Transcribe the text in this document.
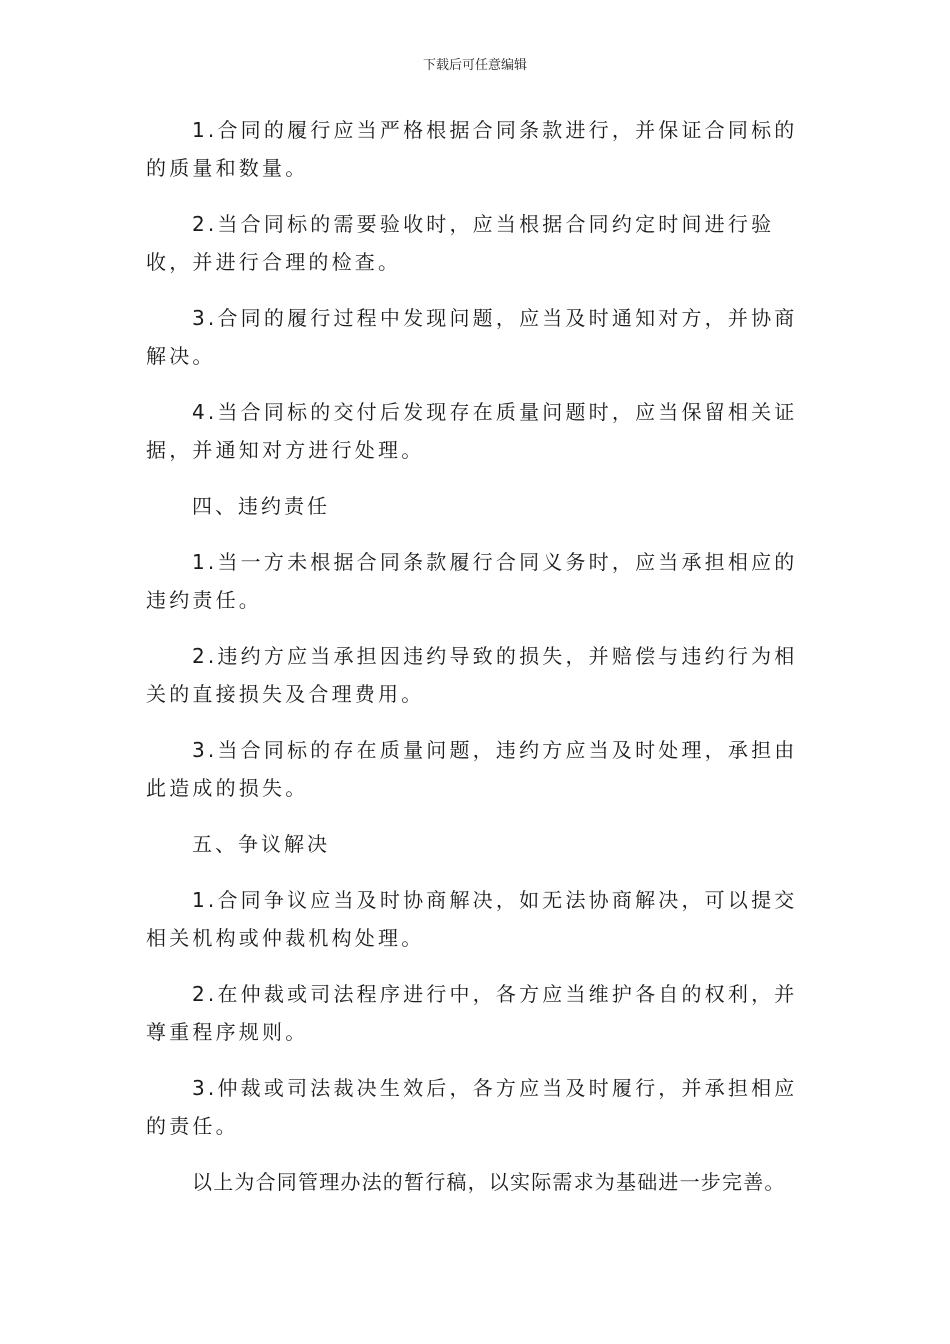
下载后可任意编辑

1.合同的履行应当严格根据合同条款进行，并保证合同标的的质量和数量。

2.当合同标的需要验收时，应当根据合同约定时间进行验收，并进行合理的检查。

3.合同的履行过程中发现问题，应当及时通知对方，并协商解决。

4.当合同标的交付后发现存在质量问题时，应当保留相关证据，并通知对方进行处理。

四、违约责任

1.当一方未根据合同条款履行合同义务时，应当承担相应的违约责任。

2.违约方应当承担因违约导致的损失，并赔偿与违约行为相关的直接损失及合理费用。

3.当合同标的存在质量问题，违约方应当及时处理，承担由此造成的损失。

五、争议解决

1.合同争议应当及时协商解决，如无法协商解决，可以提交相关机构或仲裁机构处理。

2.在仲裁或司法程序进行中，各方应当维护各自的权利，并尊重程序规则。

3.仲裁或司法裁决生效后，各方应当及时履行，并承担相应的责任。

以上为合同管理办法的暂行稿，以实际需求为基础进一步完善。
